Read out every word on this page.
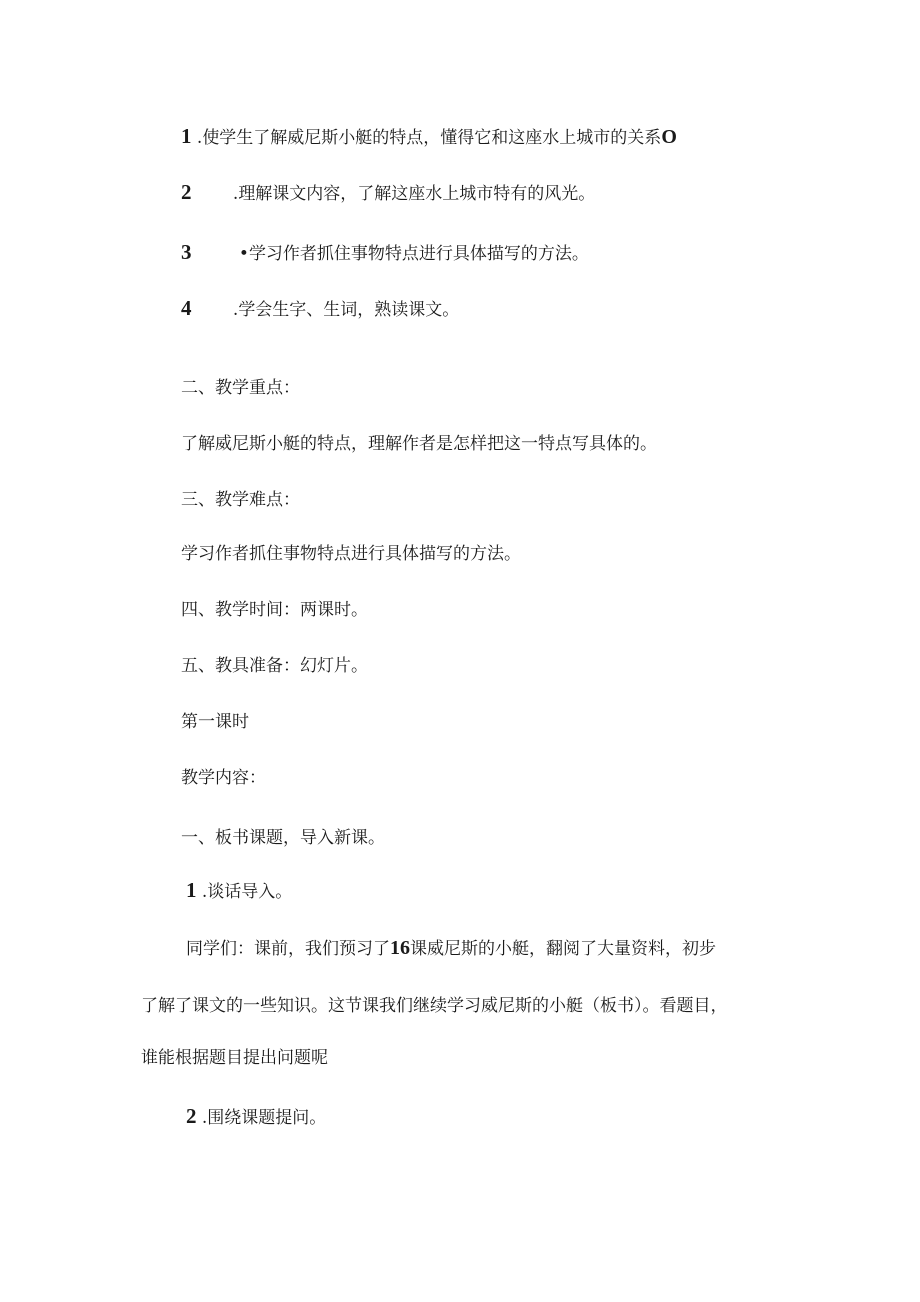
1 .使学生了解威尼斯小艇的特点，懂得它和这座水上城市的关系O
2 .理解课文内容，了解这座水上城市特有的风光。
3 •学习作者抓住事物特点进行具体描写的方法。
4 .学会生字、生词，熟读课文。
二、教学重点：
了解威尼斯小艇的特点，理解作者是怎样把这一特点写具体的。
三、教学难点：
学习作者抓住事物特点进行具体描写的方法。
四、教学时间：两课时。
五、教具准备：幻灯片。
第一课时
教学内容：
一、板书课题，导入新课。
1 .谈话导入。
同学们：课前，我们预习了16课威尼斯的小艇，翻阅了大量资料，初步
了解了课文的一些知识。这节课我们继续学习威尼斯的小艇（板书）。看题目，
谁能根据题目提出问题呢
2 .围绕课题提问。
